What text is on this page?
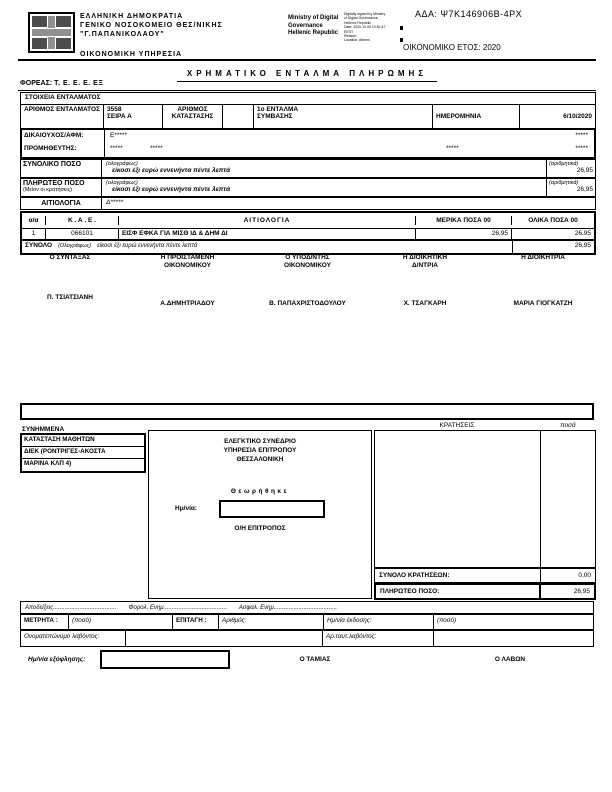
ΕΛΛΗΝΙΚΗ ΔΗΜΟΚΡΑΤΙΑ
ΓΕΝΙΚΟ ΝΟΣΟΚΟΜΕΙΟ ΘΕΣ/ΝΙΚΗΣ
"Γ.ΠΑΠΑΝΙΚΟΛΑΟΥ"
ΟΙΚΟΝΟΜΙΚΗ ΥΠΗΡΕΣΙΑ
Ministry of Digital
Governance
Hellenic Republic
Digitally signed by Ministry
of Digital Governance,
Hellenic Republic
Date: 2020.10.06 10:51:47
EEST
Reason:
Location: Athens
ΑΔΑ: Ψ7Κ146906Β-4ΡΧ
ΟΙΚΟΝΟΜΙΚΟ ΕΤΟΣ: 2020
ΧΡΗΜΑΤΙΚΟ ΕΝΤΑΛΜΑ ΠΛΗΡΩΜΗΣ
ΦΟΡΕΑΣ: Τ. Ε. Ε. Ε. ΕΞ
ΣΤΟΙΧΕΙΑ ΕΝΤΑΛΜΑΤΟΣ
ΑΡΙΘΜΟΣ ΕΝΤΑΛΜΑΤΟΣ	3558
ΣΕΙΡΑ Α
ΑΡΙΘΜΟΣ ΚΑΤΑΣΤΑΣΗΣ
1ο ΕΝΤΑΛΜΑ
ΣΥΜΒΑΣΗΣ	ΗΜΕΡΟΜΗΝΙΑ	6/10/2020
ΔΙΚΑΙΟΥΧΟΣ/ΑΦΜ:
ΠΡΟΜΗΘΕΥΤΗΣ:
Ε*****	*****
*****	*****	*****	*****
ΣΥΝΟΛΙΚΟ ΠΟΣΟ	(ολογράφως)
είκοσι έξι ευρώ εννενήντα πέντε λεπτά
(αριθμητικά)
26,95
ΠΛΗΡΩΤΕΟ ΠΟΣΟ
(Μείον οι κρατήσεις)
(ολογράφως)
είκοσι έξι ευρώ εννενήντα πέντε λεπτά
(αριθμητικά)
26,95
ΑΙΤΙΟΛΟΓΙΑ	Δ*****
α/α	Κ . Α . Ε .	ΑΙΤΙΟΛΟΓΙΑ	ΜΕΡΙΚΑ ΠΟΣΑ 00	ΟΛΙΚΑ ΠΟΣΑ 00
1	066101	ΕΙΣΦ ΕΦΚΑ ΓΙΑ ΜΙΣΘ ΙΔ & ΔΗΜ ΔΙ	26,95	26,95
ΣΥΝΟΛΟ (Ολογράφως) είκοσι έξι ευρώ εννενήντα πέντε λεπτά	26,95
Ο ΣΥΝΤΑΞΑΣ
Π. ΤΣΙΑΤΣΙΑΝΗ
Η ΠΡΟΪΣΤΑΜΕΝΗ
ΟΙΚΟΝΟΜΙΚΟΥ
Α.ΔΗΜΗΤΡΙΑΔΟΥ
Ο ΥΠΟΔ/ΝΤΗΣ
ΟΙΚΟΝΟΜΙΚΟΥ
Β. ΠΑΠΑΧΡΙΣΤΟΔΟΥΛΟΥ
Η ΔΙΟΙΚΗΤΙΚΗ
Δ/ΝΤΡΙΑ
Χ. ΤΣΑΓΚΑΡΗ
Η ΔΙΟΙΚΗΤΡΙΑ
ΜΑΡΙΑ ΓΙΟΓΚΑΤΖΗ
ΚΡΑΤΗΣΕΙΣ	ποσά
ΣΥΝΗΜΜΕΝΑ
ΚΑΤΑΣΤΑΣΗ ΜΑΘΗΤΩΝ
ΔΙΕΚ (ΡΟΝΤΡΙΓΕΣ-ΑΚΟΣΤΑ
ΜΑΡΙΝΑ ΚΛΠ 4)
ΕΛΕΓΚΤΙΚΟ ΣΥΝΕΔΡΙΟ
ΥΠΗΡΕΣΙΑ ΕΠΙΤΡΟΠΟΥ
ΘΕΣΣΑΛΟΝΙΚΗ
Θεωρήθηκε
Ημ/νία:
Ο/Η ΕΠΙΤΡΟΠΟΣ
ΣΥΝΟΛΟ ΚΡΑΤΗΣΕΩΝ:	0,00
ΠΛΗΡΩΤΕΟ ΠΟΣΟ:	26,95
Αποδείξεις...................................... Φορολ. Ενημ...................................... Ασφαλ. Ενημ......................................
ΜΕΤΡΗΤΑ :	(ποσό)	ΕΠΙΤΑΓΗ :	Αριθμός:	Ημ/νία έκδοσης:	(ποσό)
Ονοματεπώνυμο λαβόντος:	Αρ.ταυτ.λαβόντος:
Ημ/νία εξόφλησης:	Ο ΤΑΜΙΑΣ	Ο ΛΑΒΩΝ
